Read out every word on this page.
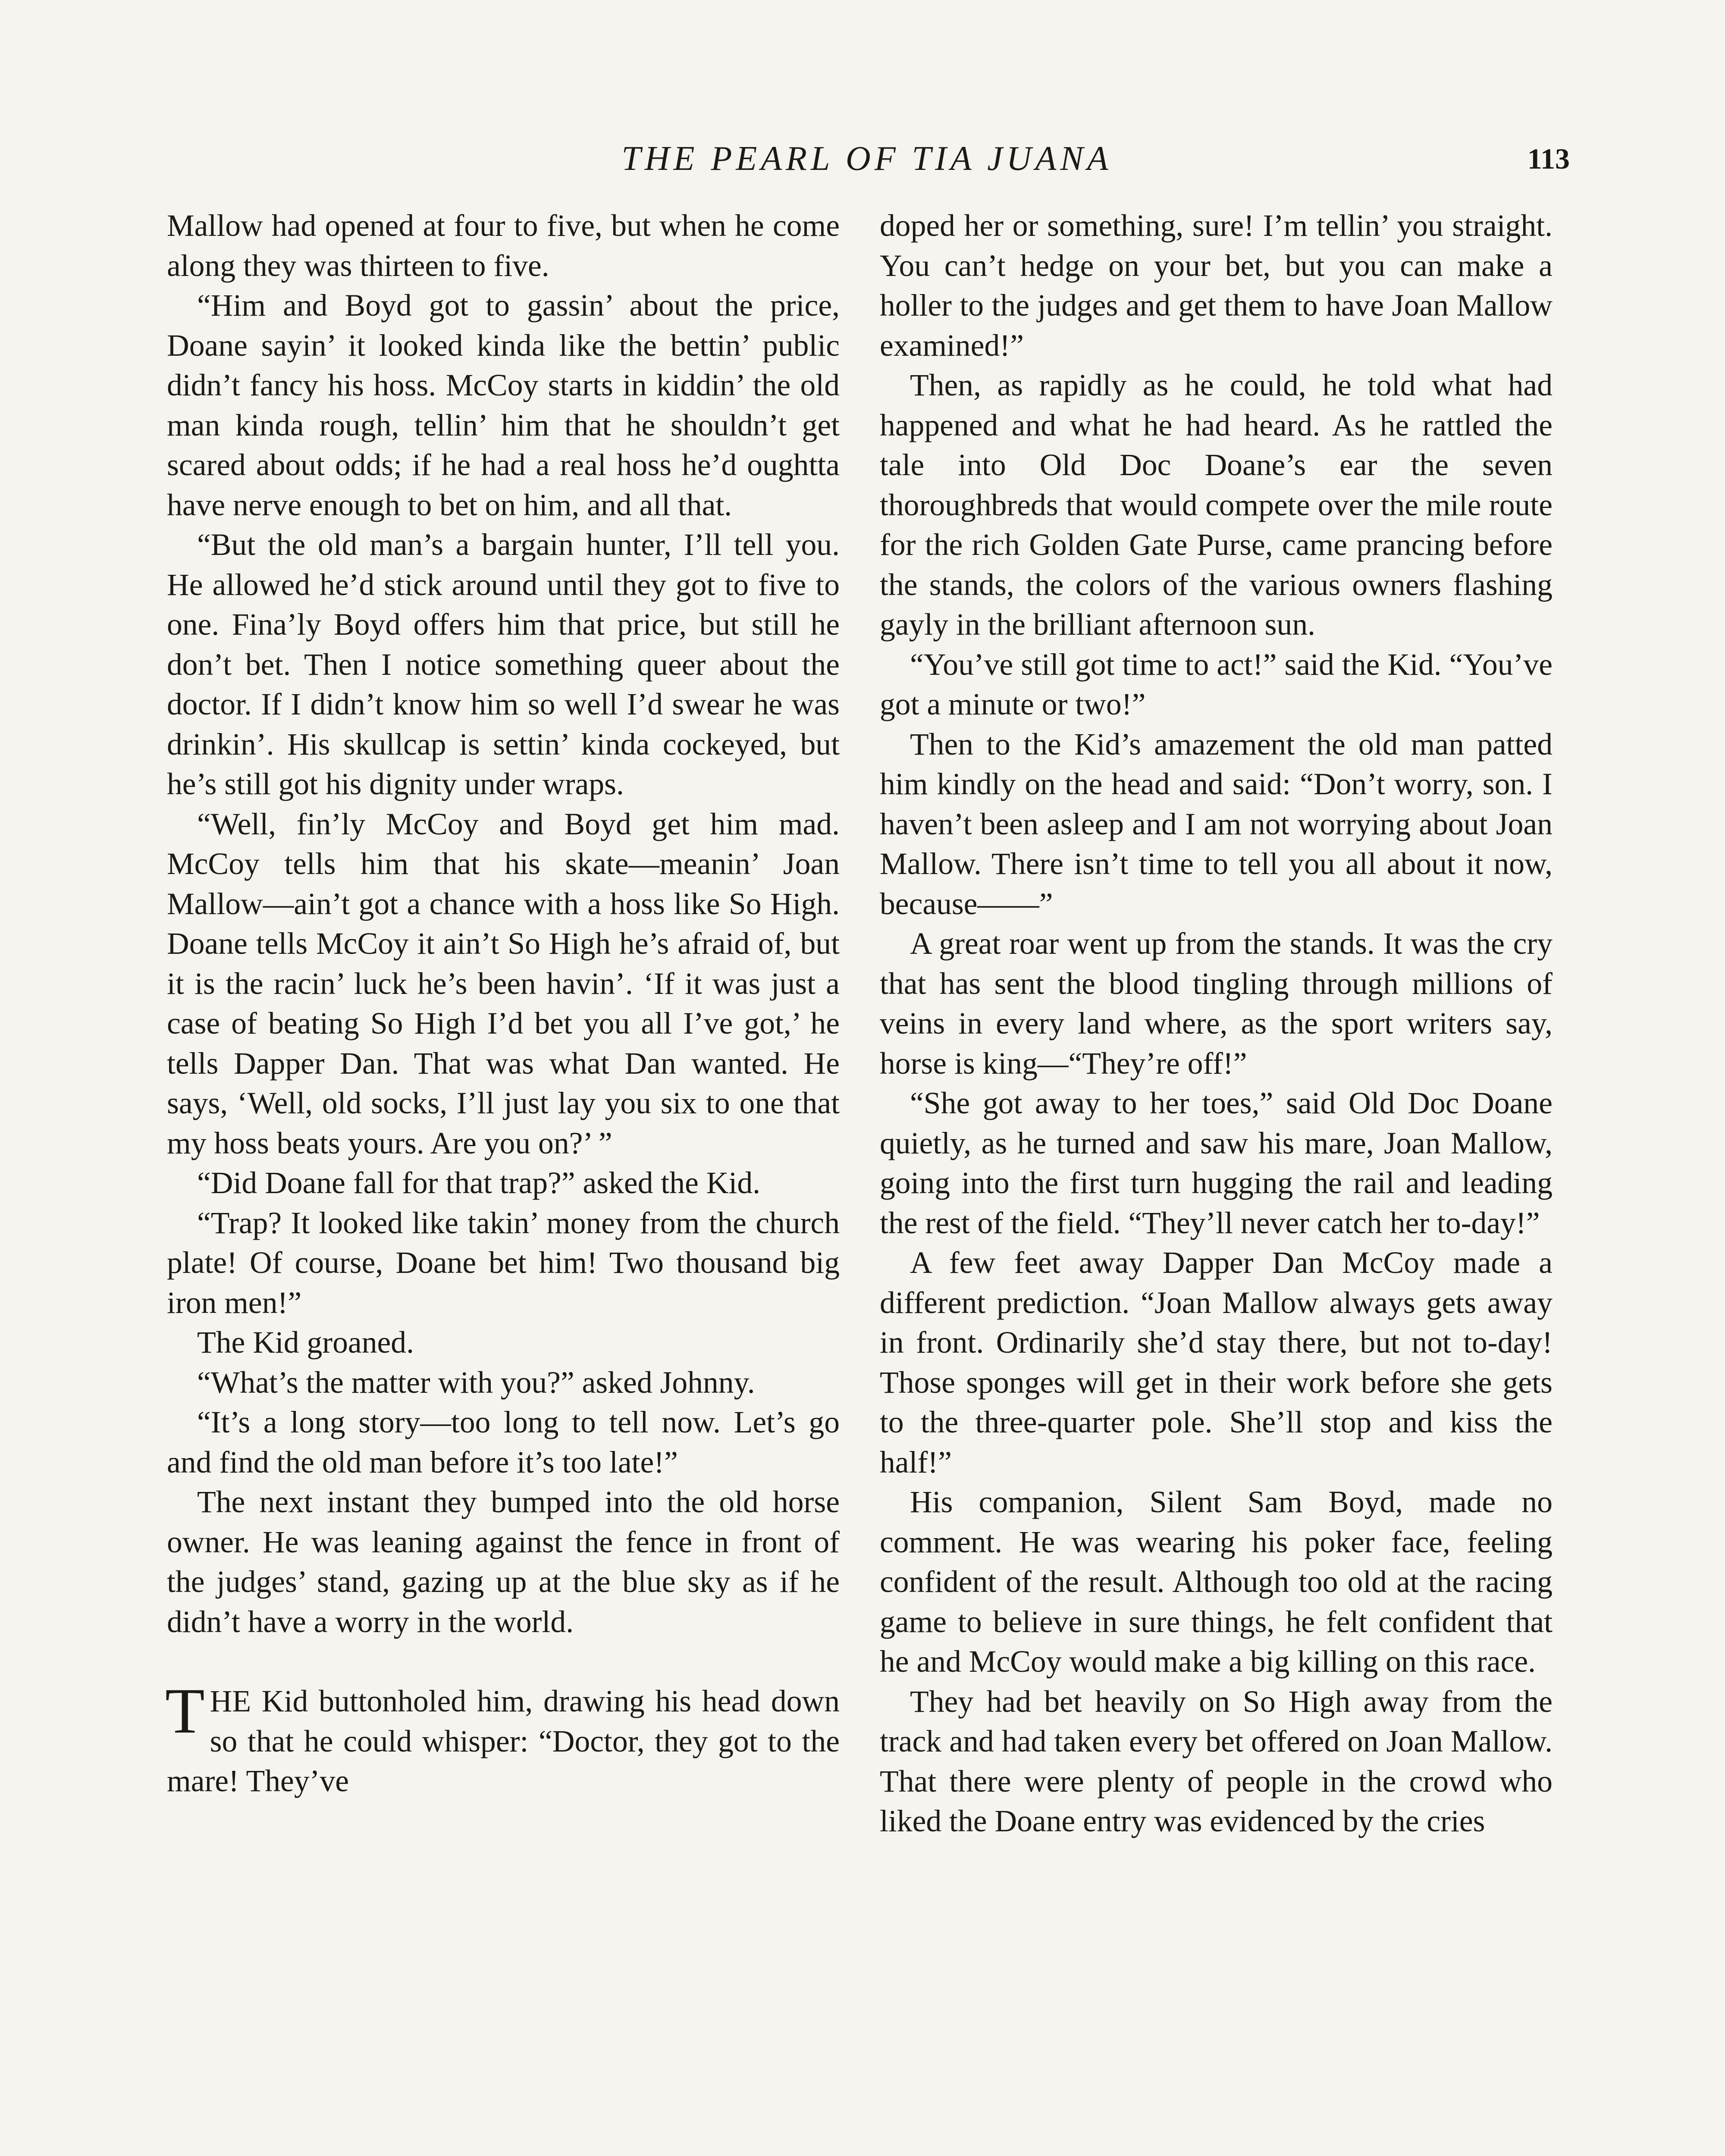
THE PEARL OF TIA JUANA	113

Mallow had opened at four to five, but when he come along they was thirteen to five.

“Him and Boyd got to gassin’ about the price, Doane sayin’ it looked kinda like the bettin’ public didn’t fancy his hoss. McCoy starts in kiddin’ the old man kinda rough, tellin’ him that he shouldn’t get scared about odds; if he had a real hoss he’d oughtta have nerve enough to bet on him, and all that.

“But the old man’s a bargain hunter, I’ll tell you. He allowed he’d stick around until they got to five to one. Fina’ly Boyd offers him that price, but still he don’t bet. Then I notice something queer about the doctor. If I didn’t know him so well I’d swear he was drinkin’. His skullcap is settin’ kinda cockeyed, but he’s still got his dignity under wraps.

“Well, fin’ly McCoy and Boyd get him mad. McCoy tells him that his skate—meanin’ Joan Mallow—ain’t got a chance with a hoss like So High. Doane tells McCoy it ain’t So High he’s afraid of, but it is the racin’ luck he’s been havin’. ‘If it was just a case of beating So High I’d bet you all I’ve got,’ he tells Dapper Dan. That was what Dan wanted. He says, ‘Well, old socks, I’ll just lay you six to one that my hoss beats yours. Are you on?’ ”

“Did Doane fall for that trap?” asked the Kid.

“Trap? It looked like takin’ money from the church plate! Of course, Doane bet him! Two thousand big iron men!”

The Kid groaned.

“What’s the matter with you?” asked Johnny.

“It’s a long story—too long to tell now. Let’s go and find the old man before it’s too late!”

The next instant they bumped into the old horse owner. He was leaning against the fence in front of the judges’ stand, gazing up at the blue sky as if he didn’t have a worry in the world.

THE Kid buttonholed him, drawing his head down so that he could whisper: “Doctor, they got to the mare! They’ve

doped her or something, sure! I’m tellin’ you straight. You can’t hedge on your bet, but you can make a holler to the judges and get them to have Joan Mallow examined!”

Then, as rapidly as he could, he told what had happened and what he had heard. As he rattled the tale into Old Doc Doane’s ear the seven thoroughbreds that would compete over the mile route for the rich Golden Gate Purse, came prancing before the stands, the colors of the various owners flashing gayly in the brilliant afternoon sun.

“You’ve still got time to act!” said the Kid. “You’ve got a minute or two!”

Then to the Kid’s amazement the old man patted him kindly on the head and said: “Don’t worry, son. I haven’t been asleep and I am not worrying about Joan Mallow. There isn’t time to tell you all about it now, because——”

A great roar went up from the stands. It was the cry that has sent the blood tingling through millions of veins in every land where, as the sport writers say, horse is king—“They’re off!”

“She got away to her toes,” said Old Doc Doane quietly, as he turned and saw his mare, Joan Mallow, going into the first turn hugging the rail and leading the rest of the field. “They’ll never catch her to-day!”

A few feet away Dapper Dan McCoy made a different prediction. “Joan Mallow always gets away in front. Ordinarily she’d stay there, but not to-day! Those sponges will get in their work before she gets to the three-quarter pole. She’ll stop and kiss the half!”

His companion, Silent Sam Boyd, made no comment. He was wearing his poker face, feeling confident of the result. Although too old at the racing game to believe in sure things, he felt confident that he and McCoy would make a big killing on this race.

They had bet heavily on So High away from the track and had taken every bet offered on Joan Mallow. That there were plenty of people in the crowd who liked the Doane entry was evidenced by the cries
